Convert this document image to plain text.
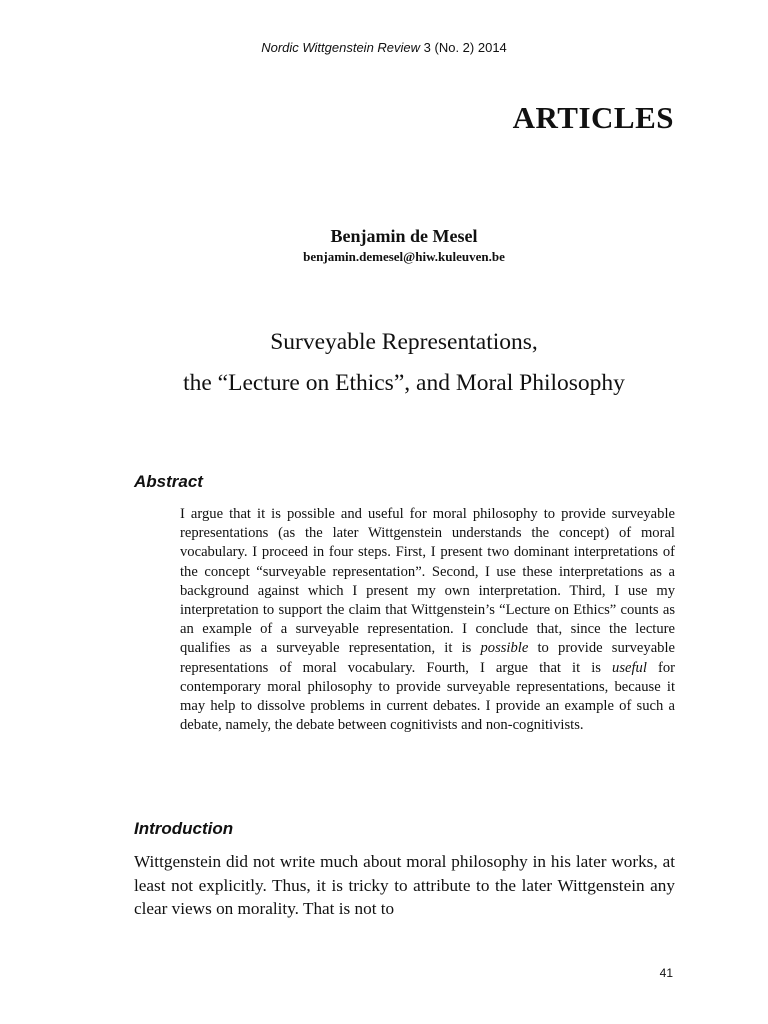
Nordic Wittgenstein Review 3 (No. 2) 2014
ARTICLES
Benjamin de Mesel
benjamin.demesel@hiw.kuleuven.be
Surveyable Representations,
the “Lecture on Ethics”, and Moral Philosophy
Abstract

I argue that it is possible and useful for moral philosophy to provide surveyable representations (as the later Wittgenstein understands the concept) of moral vocabulary. I proceed in four steps. First, I present two dominant interpretations of the concept “surveyable representation”. Second, I use these interpretations as a background against which I present my own interpretation. Third, I use my interpretation to support the claim that Wittgenstein’s “Lecture on Ethics” counts as an example of a surveyable representation. I conclude that, since the lecture qualifies as a surveyable representation, it is possible to provide surveyable representations of moral vocabulary. Fourth, I argue that it is useful for contemporary moral philosophy to provide surveyable representations, because it may help to dissolve problems in current debates. I provide an example of such a debate, namely, the debate between cognitivists and non-cognitivists.

Introduction

Wittgenstein did not write much about moral philosophy in his later works, at least not explicitly. Thus, it is tricky to attribute to the later Wittgenstein any clear views on morality. That is not to

41
